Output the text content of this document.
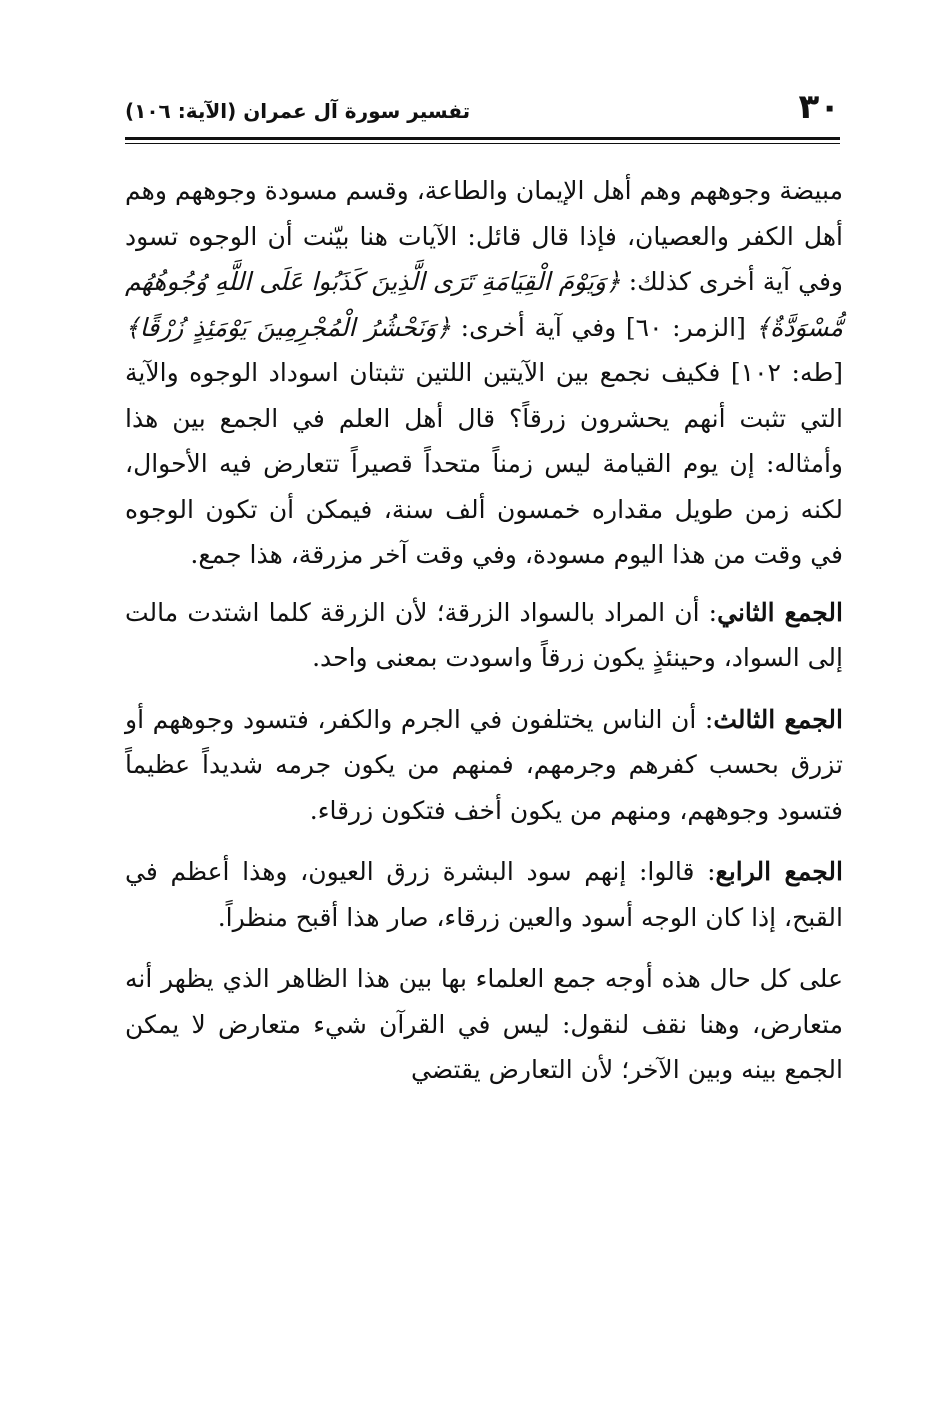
٣٠
تفسير سورة آل عمران (الآية: ١٠٦)

مبيضة وجوههم وهم أهل الإيمان والطاعة، وقسم مسودة وجوههم وهم أهل الكفر والعصيان، فإذا قال قائل: الآيات هنا بيّنت أن الوجوه تسود وفي آية أخرى كذلك: ﴿وَيَوْمَ الْقِيَامَةِ تَرَى الَّذِينَ كَذَبُوا عَلَى اللَّهِ وُجُوهُهُم مُّسْوَدَّةٌ﴾ [الزمر: ٦٠] وفي آية أخرى: ﴿وَنَحْشُرُ الْمُجْرِمِينَ يَوْمَئِذٍ زُرْقًا﴾ [طه: ١٠٢] فكيف نجمع بين الآيتين اللتين تثبتان اسوداد الوجوه والآية التي تثبت أنهم يحشرون زرقاً؟ قال أهل العلم في الجمع بين هذا وأمثاله: إن يوم القيامة ليس زمناً متحداً قصيراً تتعارض فيه الأحوال، لكنه زمن طويل مقداره خمسون ألف سنة، فيمكن أن تكون الوجوه في وقت من هذا اليوم مسودة، وفي وقت آخر مزرقة، هذا جمع.

الجمع الثاني: أن المراد بالسواد الزرقة؛ لأن الزرقة كلما اشتدت مالت إلى السواد، وحينئذٍ يكون زرقاً واسودت بمعنى واحد.

الجمع الثالث: أن الناس يختلفون في الجرم والكفر، فتسود وجوههم أو تزرق بحسب كفرهم وجرمهم، فمنهم من يكون جرمه شديداً عظيماً فتسود وجوههم، ومنهم من يكون أخف فتكون زرقاء.

الجمع الرابع: قالوا: إنهم سود البشرة زرق العيون، وهذا أعظم في القبح، إذا كان الوجه أسود والعين زرقاء، صار هذا أقبح منظراً.

على كل حال هذه أوجه جمع العلماء بها بين هذا الظاهر الذي يظهر أنه متعارض، وهنا نقف لنقول: ليس في القرآن شيء متعارض لا يمكن الجمع بينه وبين الآخر؛ لأن التعارض يقتضي
